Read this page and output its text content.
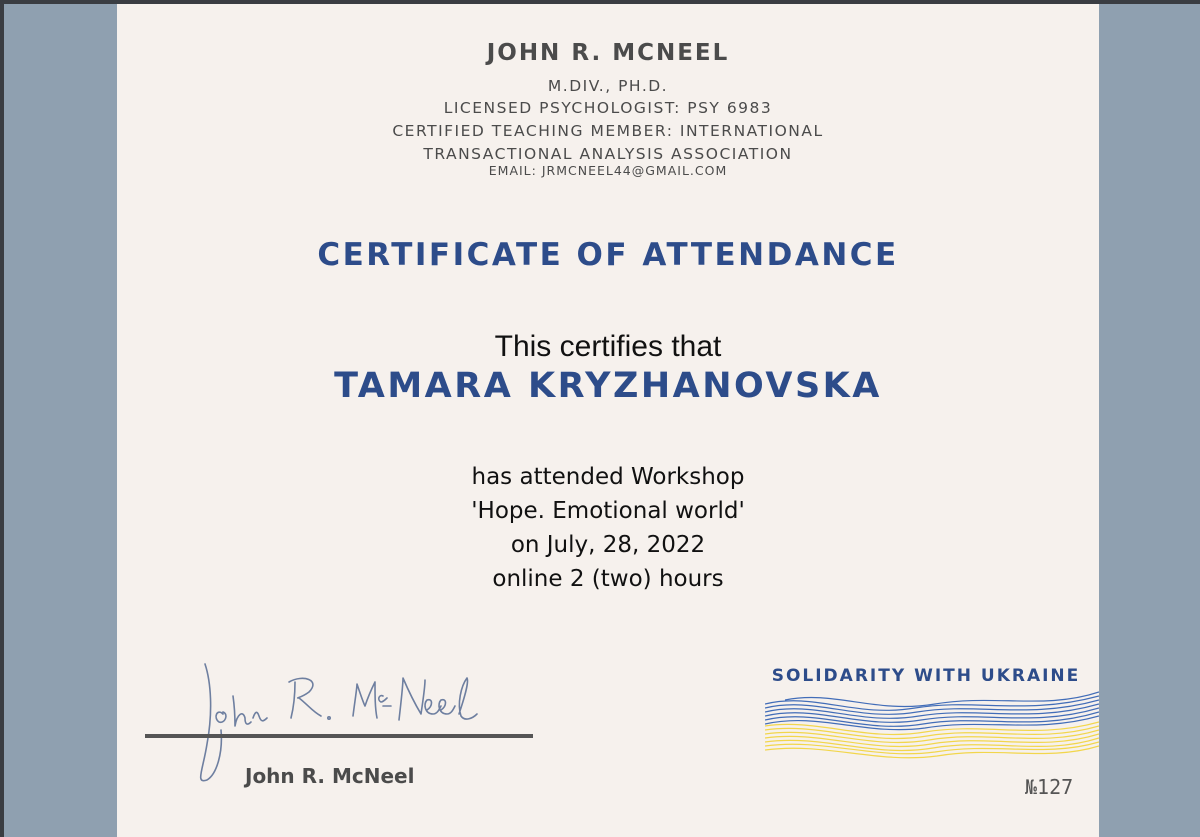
JOHN R. MCNEEL
M.DIV., PH.D.
LICENSED PSYCHOLOGIST: PSY 6983
CERTIFIED TEACHING MEMBER: INTERNATIONAL
TRANSACTIONAL ANALYSIS ASSOCIATION
EMAIL: JRMCNEEL44@GMAIL.COM
CERTIFICATE OF ATTENDANCE
This certifies that
TAMARA KRYZHANOVSKA
has attended Workshop
'Hope. Emotional world'
on July, 28, 2022
online 2 (two) hours
John R. McNeel
SOLIDARITY WITH UKRAINE
№127
